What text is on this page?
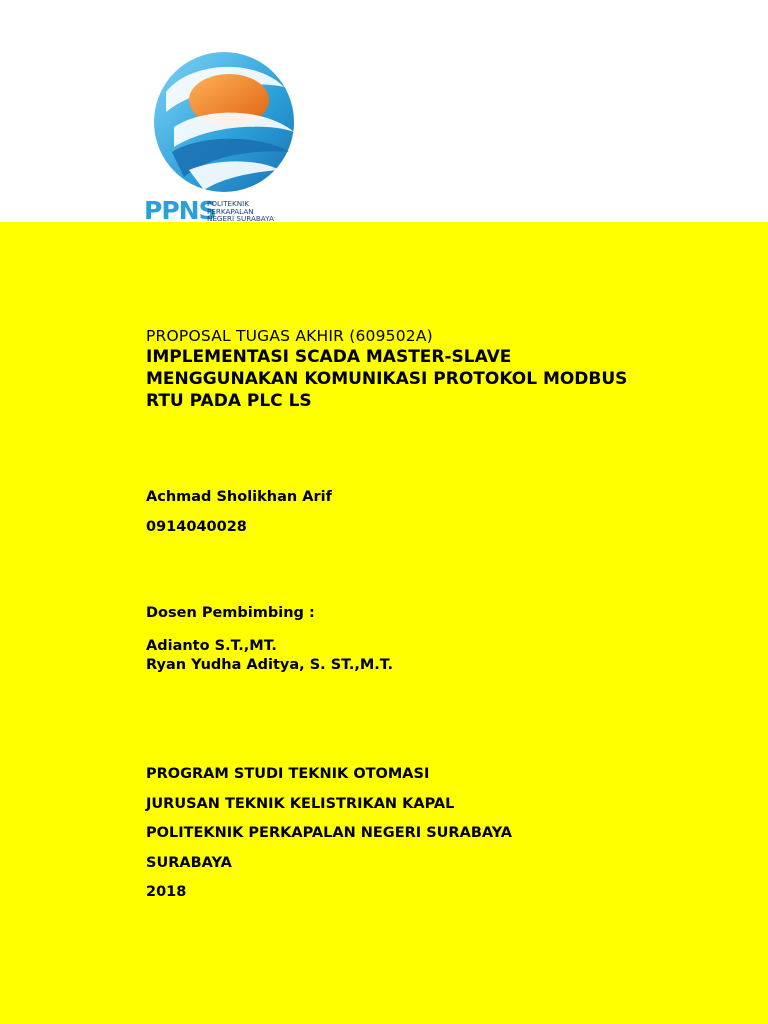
PPNS
POLITEKNIK
PERKAPALAN
NEGERI SURABAYA

PROPOSAL TUGAS AKHIR (609502A)

IMPLEMENTASI SCADA MASTER-SLAVE
MENGGUNAKAN KOMUNIKASI PROTOKOL MODBUS
RTU PADA PLC LS

Achmad Sholikhan Arif

0914040028

Dosen Pembimbing :

Adianto S.T.,MT.

Ryan Yudha Aditya, S. ST.,M.T.

PROGRAM STUDI TEKNIK OTOMASI

JURUSAN TEKNIK KELISTRIKAN KAPAL

POLITEKNIK PERKAPALAN NEGERI SURABAYA

SURABAYA

2018
